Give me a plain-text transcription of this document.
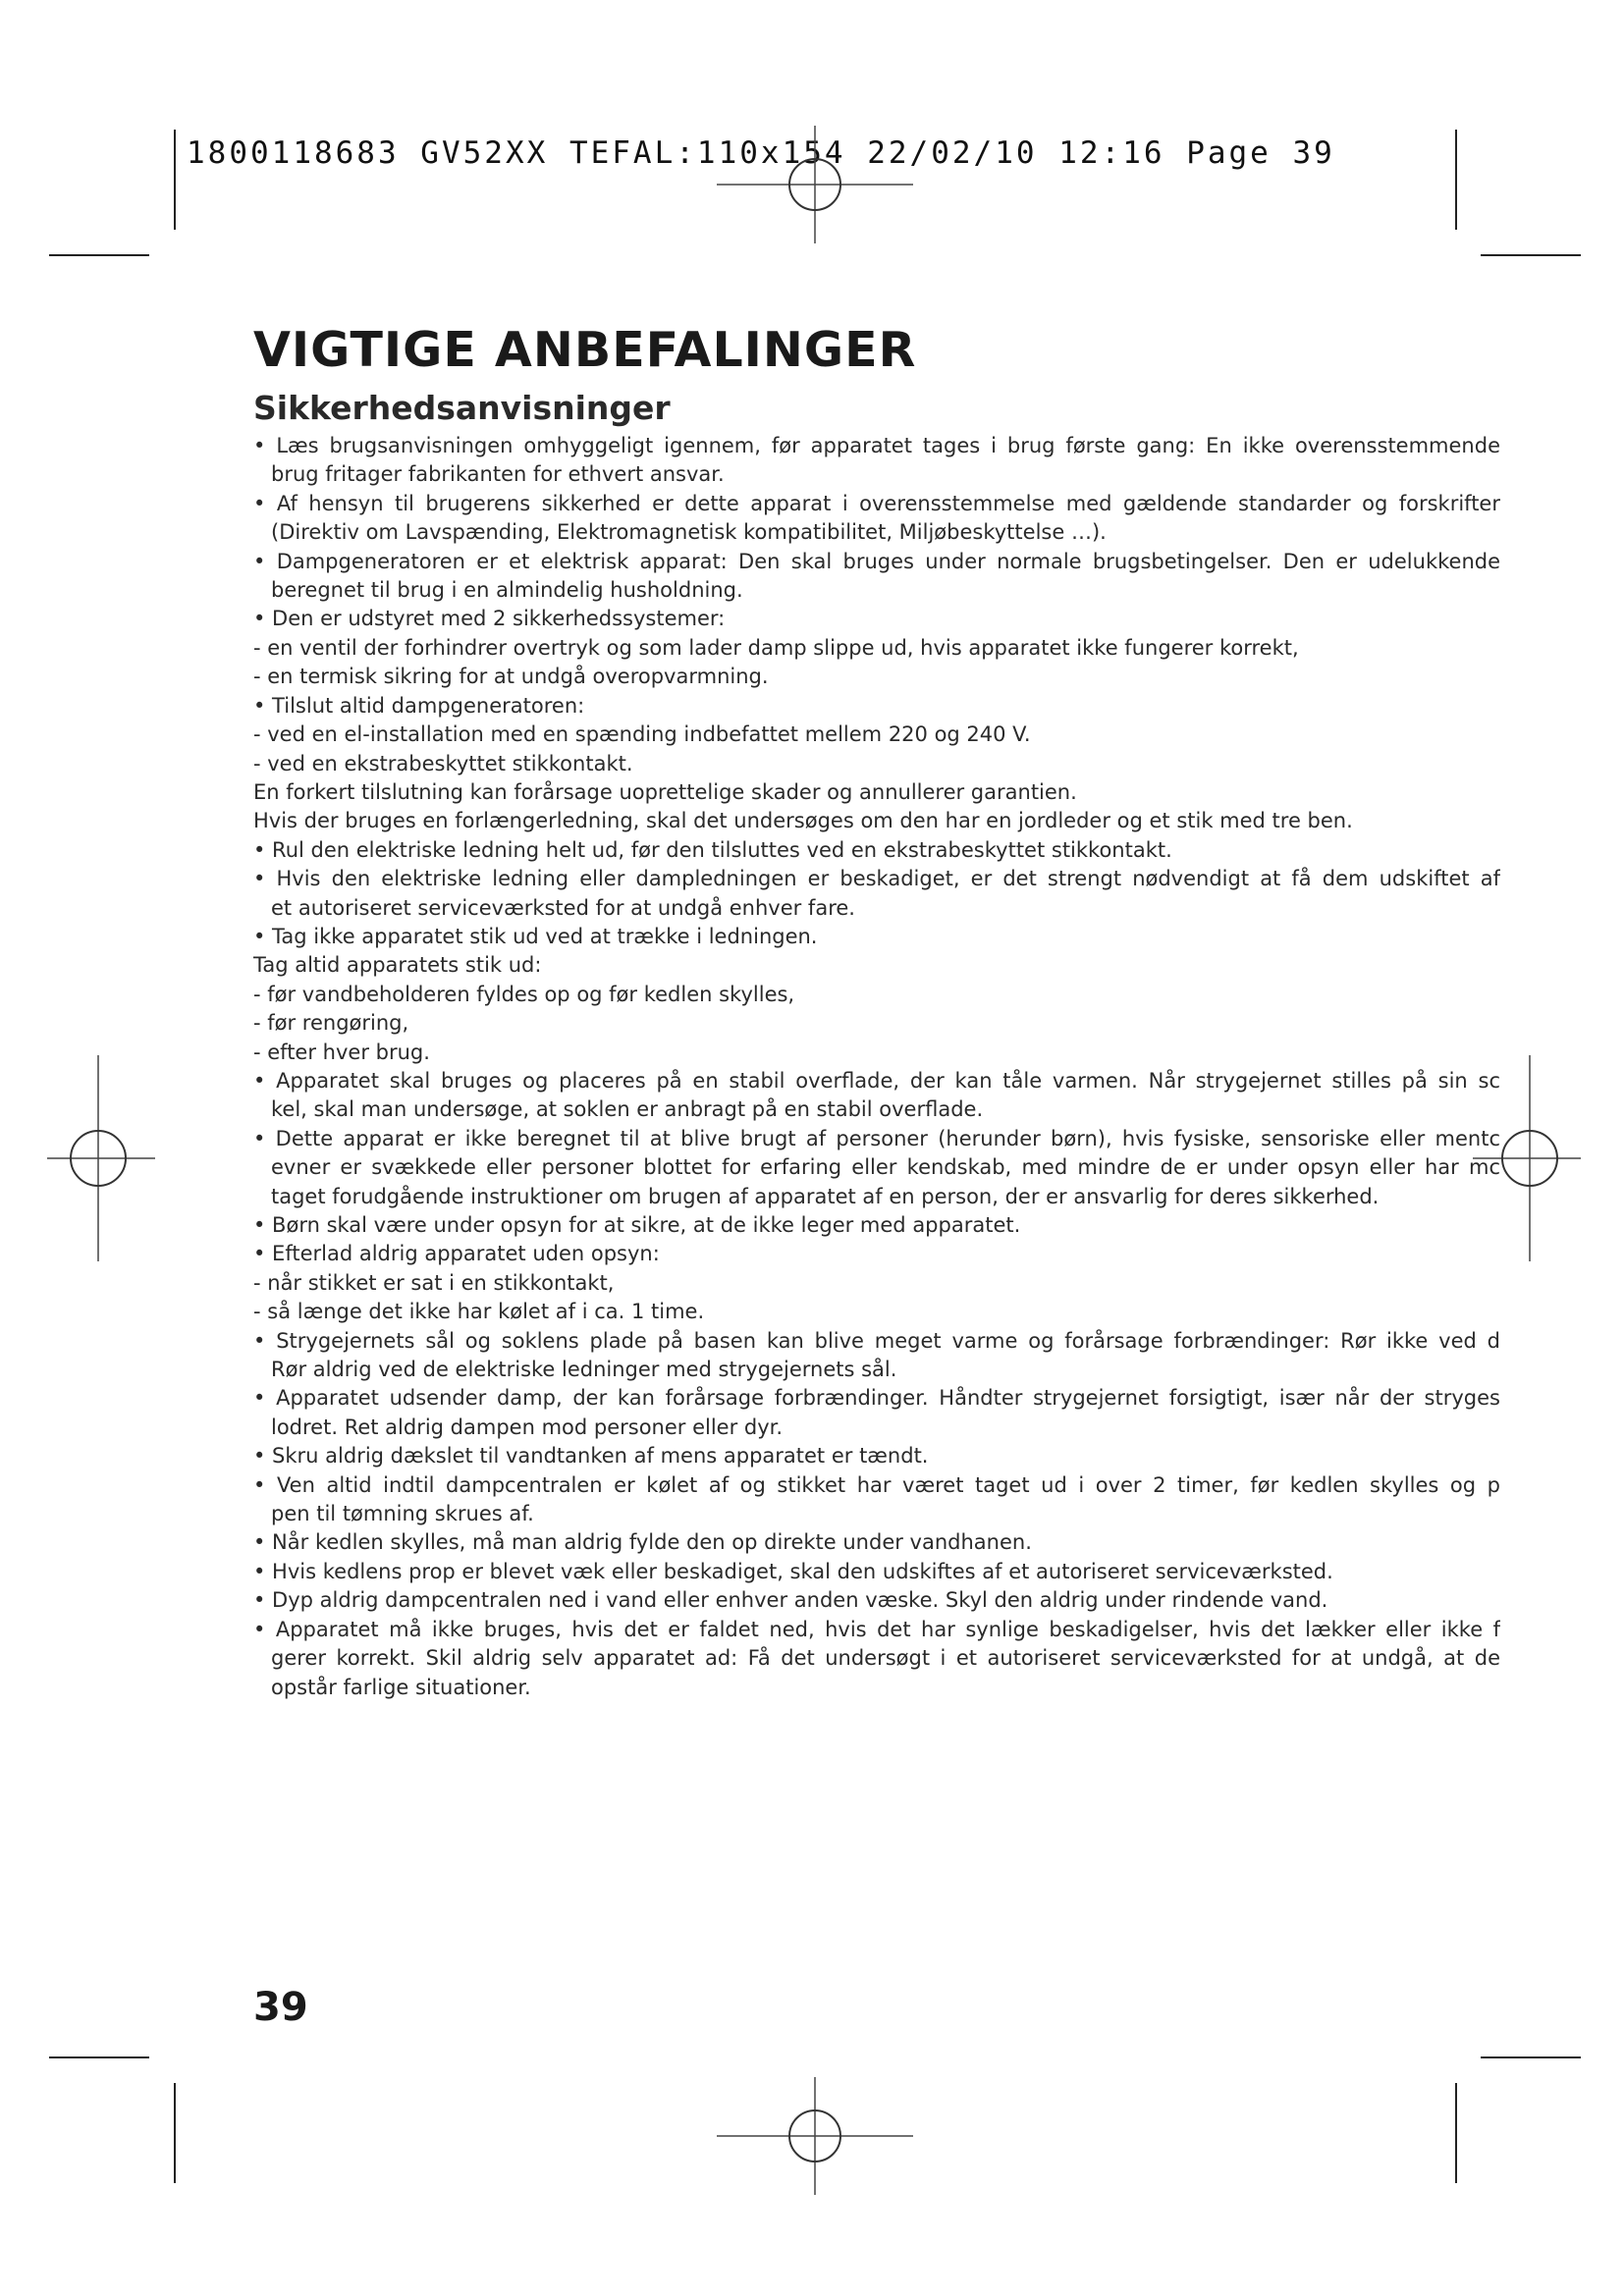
1800118683 GV52XX TEFAL:110x154 22/02/10 12:16 Page 39
VIGTIGE ANBEFALINGER
Sikkerhedsanvisninger
• Læs brugsanvisningen omhyggeligt igennem, før apparatet tages i brug første gang: En ikke overensstemmende
brug fritager fabrikanten for ethvert ansvar.
• Af hensyn til brugerens sikkerhed er dette apparat i overensstemmelse med gældende standarder og forskrifter
(Direktiv om Lavspænding, Elektromagnetisk kompatibilitet, Miljøbeskyttelse …).
• Dampgeneratoren er et elektrisk apparat: Den skal bruges under normale brugsbetingelser. Den er udelukkende
beregnet til brug i en almindelig husholdning.
• Den er udstyret med 2 sikkerhedssystemer:
- en ventil der forhindrer overtryk og som lader damp slippe ud, hvis apparatet ikke fungerer korrekt,
- en termisk sikring for at undgå overopvarmning.
• Tilslut altid dampgeneratoren:
- ved en el-installation med en spænding indbefattet mellem 220 og 240 V.
- ved en ekstrabeskyttet stikkontakt.
En forkert tilslutning kan forårsage uoprettelige skader og annullerer garantien.
Hvis der bruges en forlængerledning, skal det undersøges om den har en jordleder og et stik med tre ben.
• Rul den elektriske ledning helt ud, før den tilsluttes ved en ekstrabeskyttet stikkontakt.
• Hvis den elektriske ledning eller dampledningen er beskadiget, er det strengt nødvendigt at få dem udskiftet af
et autoriseret serviceværksted for at undgå enhver fare.
• Tag ikke apparatet stik ud ved at trække i ledningen.
Tag altid apparatets stik ud:
- før vandbeholderen fyldes op og før kedlen skylles,
- før rengøring,
- efter hver brug.
• Apparatet skal bruges og placeres på en stabil overflade, der kan tåle varmen. Når strygejernet stilles på sin sc
kel, skal man undersøge, at soklen er anbragt på en stabil overflade.
• Dette apparat er ikke beregnet til at blive brugt af personer (herunder børn), hvis fysiske, sensoriske eller mentc
evner er svækkede eller personer blottet for erfaring eller kendskab, med mindre de er under opsyn eller har mc
taget forudgående instruktioner om brugen af apparatet af en person, der er ansvarlig for deres sikkerhed.
• Børn skal være under opsyn for at sikre, at de ikke leger med apparatet.
• Efterlad aldrig apparatet uden opsyn:
- når stikket er sat i en stikkontakt,
- så længe det ikke har kølet af i ca. 1 time.
• Strygejernets sål og soklens plade på basen kan blive meget varme og forårsage forbrændinger: Rør ikke ved d
Rør aldrig ved de elektriske ledninger med strygejernets sål.
• Apparatet udsender damp, der kan forårsage forbrændinger. Håndter strygejernet forsigtigt, især når der stryges
lodret. Ret aldrig dampen mod personer eller dyr.
• Skru aldrig dækslet til vandtanken af mens apparatet er tændt.
• Ven altid indtil dampcentralen er kølet af og stikket har været taget ud i over 2 timer, før kedlen skylles og p
pen til tømning skrues af.
• Når kedlen skylles, må man aldrig fylde den op direkte under vandhanen.
• Hvis kedlens prop er blevet væk eller beskadiget, skal den udskiftes af et autoriseret serviceværksted.
• Dyp aldrig dampcentralen ned i vand eller enhver anden væske. Skyl den aldrig under rindende vand.
• Apparatet må ikke bruges, hvis det er faldet ned, hvis det har synlige beskadigelser, hvis det lækker eller ikke f
gerer korrekt. Skil aldrig selv apparatet ad: Få det undersøgt i et autoriseret serviceværksted for at undgå, at de
opstår farlige situationer.
39
